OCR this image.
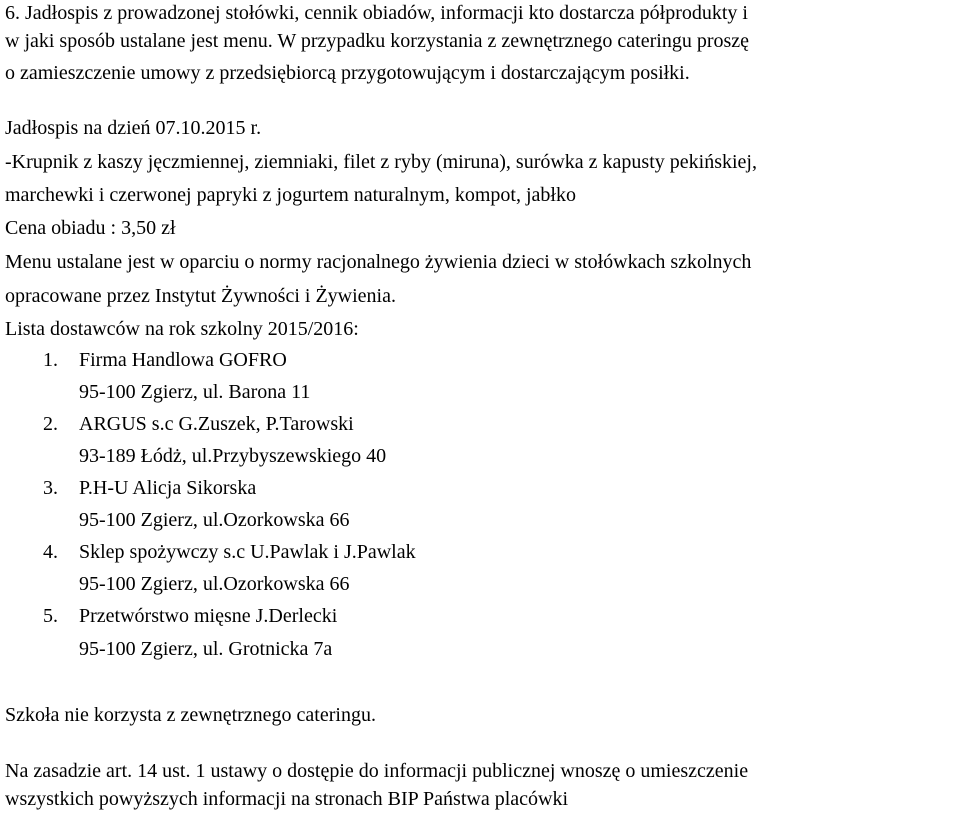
6. Jadłospis z prowadzonej stołówki, cennik obiadów, informacji kto dostarcza półprodukty i
w jaki sposób ustalane jest menu. W przypadku korzystania z zewnętrznego cateringu proszę
o zamieszczenie umowy z przedsiębiorcą przygotowującym i dostarczającym posiłki.
Jadłospis na dzień 07.10.2015 r.
-Krupnik z kaszy jęczmiennej, ziemniaki, filet z ryby (miruna), surówka z kapusty pekińskiej,
marchewki i czerwonej papryki z jogurtem naturalnym, kompot, jabłko
Cena obiadu : 3,50 zł
Menu ustalane jest w oparciu o normy racjonalnego żywienia dzieci w stołówkach szkolnych
opracowane przez Instytut Żywności i Żywienia.
Lista dostawców na rok szkolny 2015/2016:
1. Firma Handlowa GOFRO
95-100 Zgierz, ul. Barona 11
2. ARGUS s.c G.Zuszek, P.Tarowski
93-189 Łódż, ul.Przybyszewskiego 40
3. P.H-U Alicja Sikorska
95-100 Zgierz, ul.Ozorkowska 66
4. Sklep spożywczy s.c U.Pawlak i J.Pawlak
95-100 Zgierz, ul.Ozorkowska 66
5. Przetwórstwo mięsne J.Derlecki
95-100 Zgierz, ul. Grotnicka 7a
Szkoła nie korzysta z zewnętrznego cateringu.
Na zasadzie art. 14 ust. 1 ustawy o dostępie do informacji publicznej wnoszę o umieszczenie
wszystkich powyższych informacji na stronach BIP Państwa placówki
